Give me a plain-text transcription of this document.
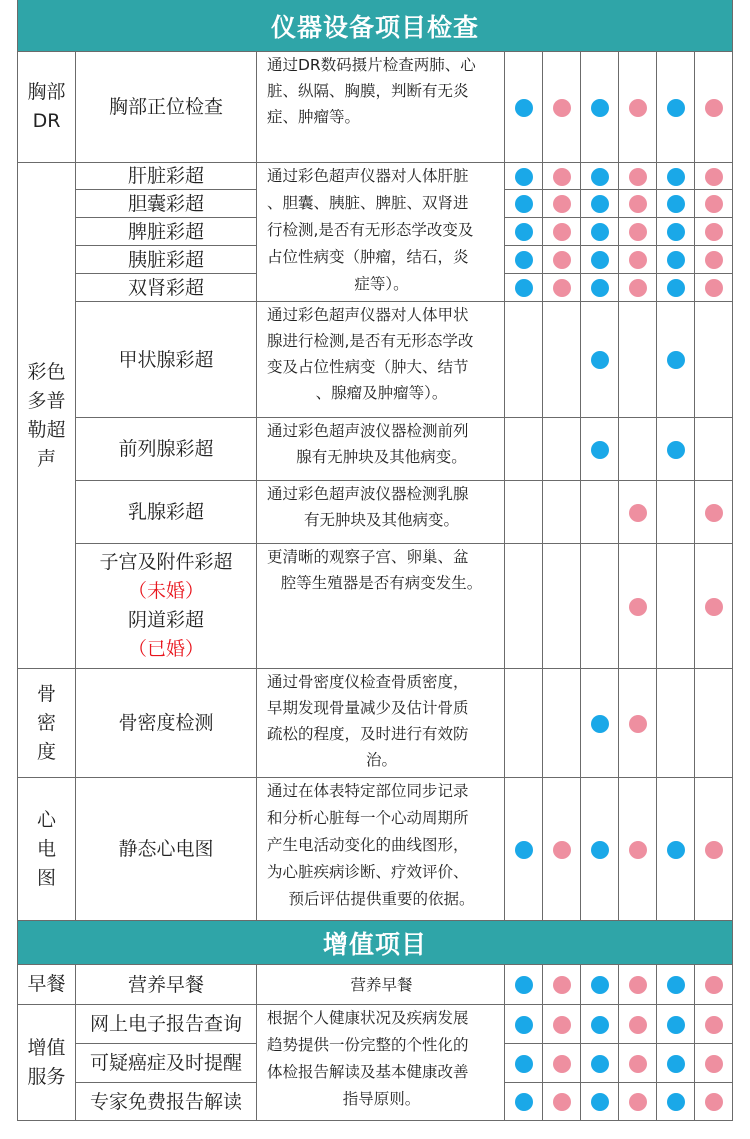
仪器设备项目检查
胸部DR
彩色多普勒超声
骨密度
心电图
胸部正位检查
肝脏彩超
胆囊彩超
脾脏彩超
胰脏彩超
双肾彩超
甲状腺彩超
前列腺彩超
乳腺彩超
子宫及附件彩超
（未婚）
阴道彩超
（已婚）
骨密度检测
静态心电图
通过DR数码摄片检查两肺、心
脏、纵隔、胸膜，判断有无炎
症、肿瘤等。
通过彩色超声仪器对人体肝脏
、胆囊、胰脏、脾脏、双肾进
行检测,是否有无形态学改变及
占位性病变（肿瘤，结石，炎
症等）。
通过彩色超声仪器对人体甲状
腺进行检测,是否有无形态学改
变及占位性病变（肿大、结节
、腺瘤及肿瘤等）。
通过彩色超声波仪器检测前列
腺有无肿块及其他病变。
通过彩色超声波仪器检测乳腺
有无肿块及其他病变。
更清晰的观察子宫、卵巢、盆
腔等生殖器是否有病变发生。
通过骨密度仪检查骨质密度，
早期发现骨量减少及估计骨质
疏松的程度，及时进行有效防
治。
通过在体表特定部位同步记录
和分析心脏每一个心动周期所
产生电活动变化的曲线图形，
为心脏疾病诊断、疗效评价、
预后评估提供重要的依据。
增值项目
早餐
增值服务
营养早餐
网上电子报告查询
可疑癌症及时提醒
专家免费报告解读
营养早餐
根据个人健康状况及疾病发展
趋势提供一份完整的个性化的
体检报告解读及基本健康改善
指导原则。
